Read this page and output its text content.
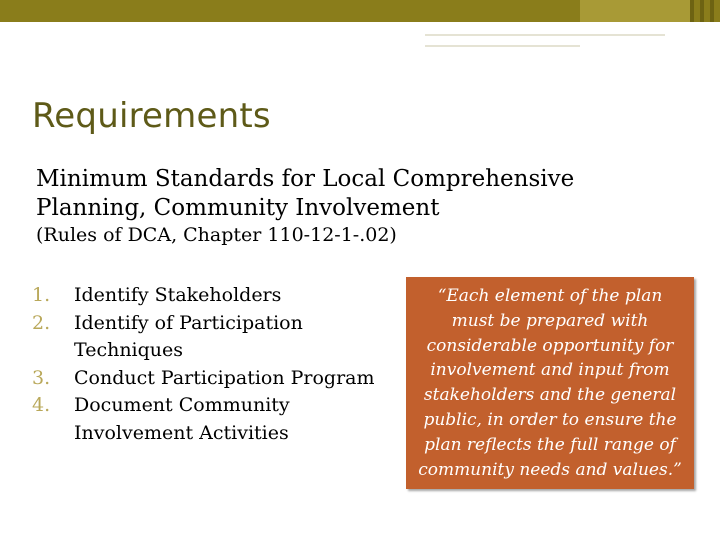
Requirements
Minimum Standards for Local Comprehensive Planning, Community Involvement
(Rules of DCA, Chapter 110-12-1-.02)
1.	Identify Stakeholders
2.	Identify of Participation Techniques
3.	Conduct Participation Program
4.	Document Community Involvement Activities
“Each element of the plan must be prepared with considerable opportunity for involvement and input from stakeholders and the general public, in order to ensure the plan reflects the full range of community needs and values.”
